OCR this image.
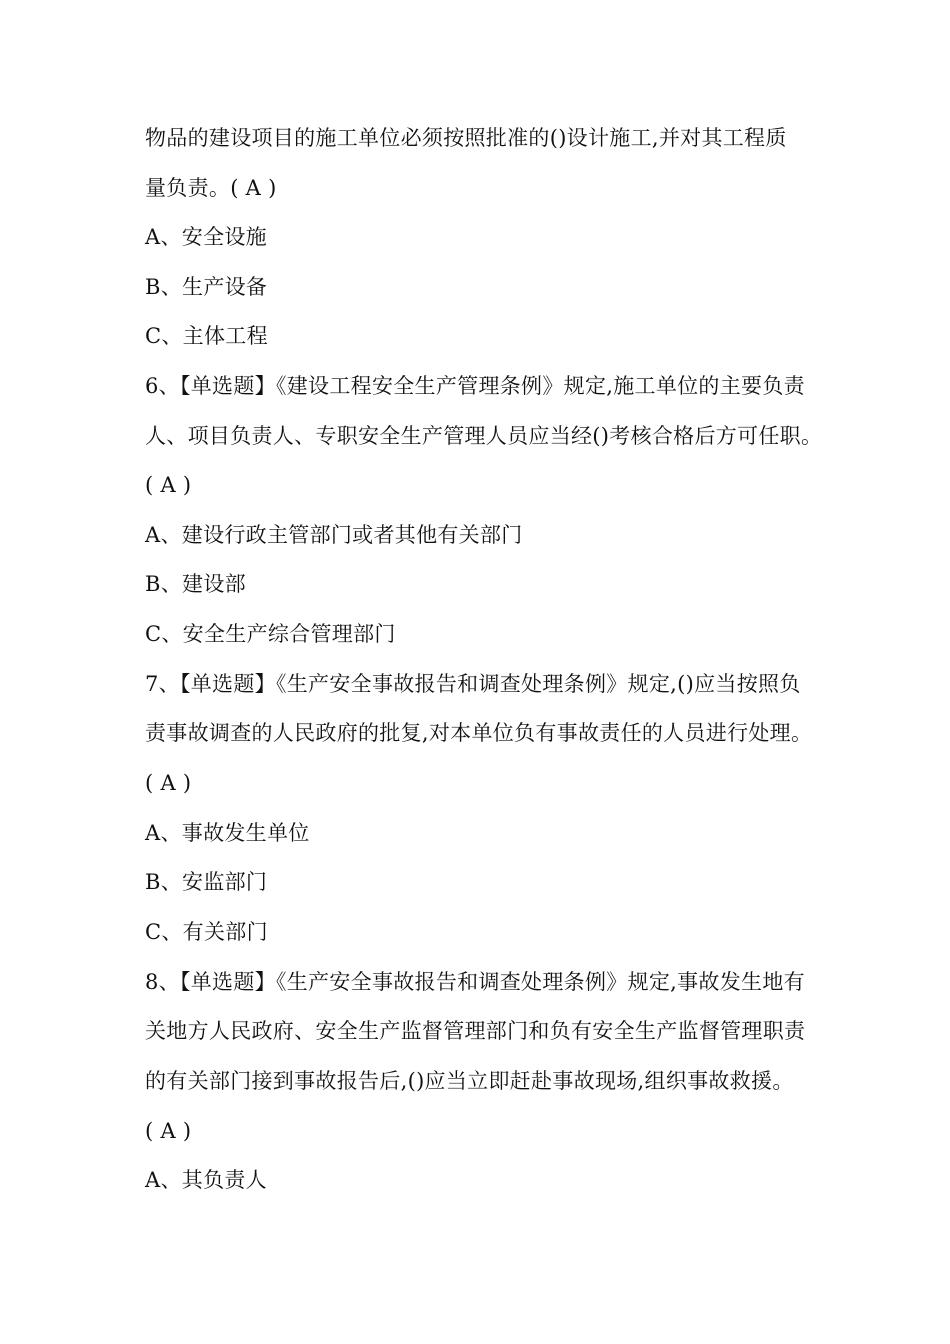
物品的建设项目的施工单位必须按照批准的()设计施工,并对其工程质
量负责。( A )
A、安全设施
B、生产设备
C、主体工程
6、【单选题】《建设工程安全生产管理条例》规定,施工单位的主要负责
人、项目负责人、专职安全生产管理人员应当经()考核合格后方可任职。
( A )
A、建设行政主管部门或者其他有关部门
B、建设部
C、安全生产综合管理部门
7、【单选题】《生产安全事故报告和调查处理条例》规定,()应当按照负
责事故调查的人民政府的批复,对本单位负有事故责任的人员进行处理。
( A )
A、事故发生单位
B、安监部门
C、有关部门
8、【单选题】《生产安全事故报告和调查处理条例》规定,事故发生地有
关地方人民政府、安全生产监督管理部门和负有安全生产监督管理职责
的有关部门接到事故报告后,()应当立即赶赴事故现场,组织事故救援。
( A )
A、其负责人
